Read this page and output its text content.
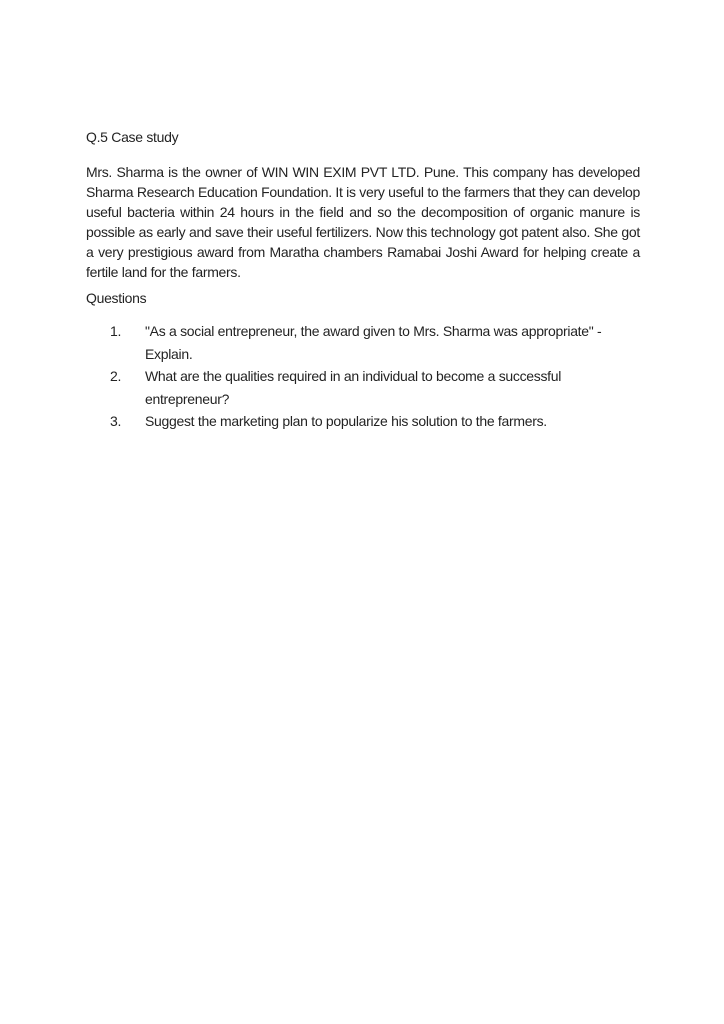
Q.5 Case study

Mrs. Sharma is the owner of WIN WIN EXIM PVT LTD. Pune. This company has developed Sharma Research Education Foundation. It is very useful to the farmers that they can develop useful bacteria within 24 hours in the field and so the decomposition of organic manure is possible as early and save their useful fertilizers. Now this technology got patent also. She got a very prestigious award from Maratha chambers Ramabai Joshi Award for helping create a fertile land for the farmers.

Questions
1.	"As a social entrepreneur, the award given to Mrs. Sharma was appropriate" - Explain.
2.	What are the qualities required in an individual to become a successful entrepreneur?
3.	Suggest the marketing plan to popularize his solution to the farmers.
